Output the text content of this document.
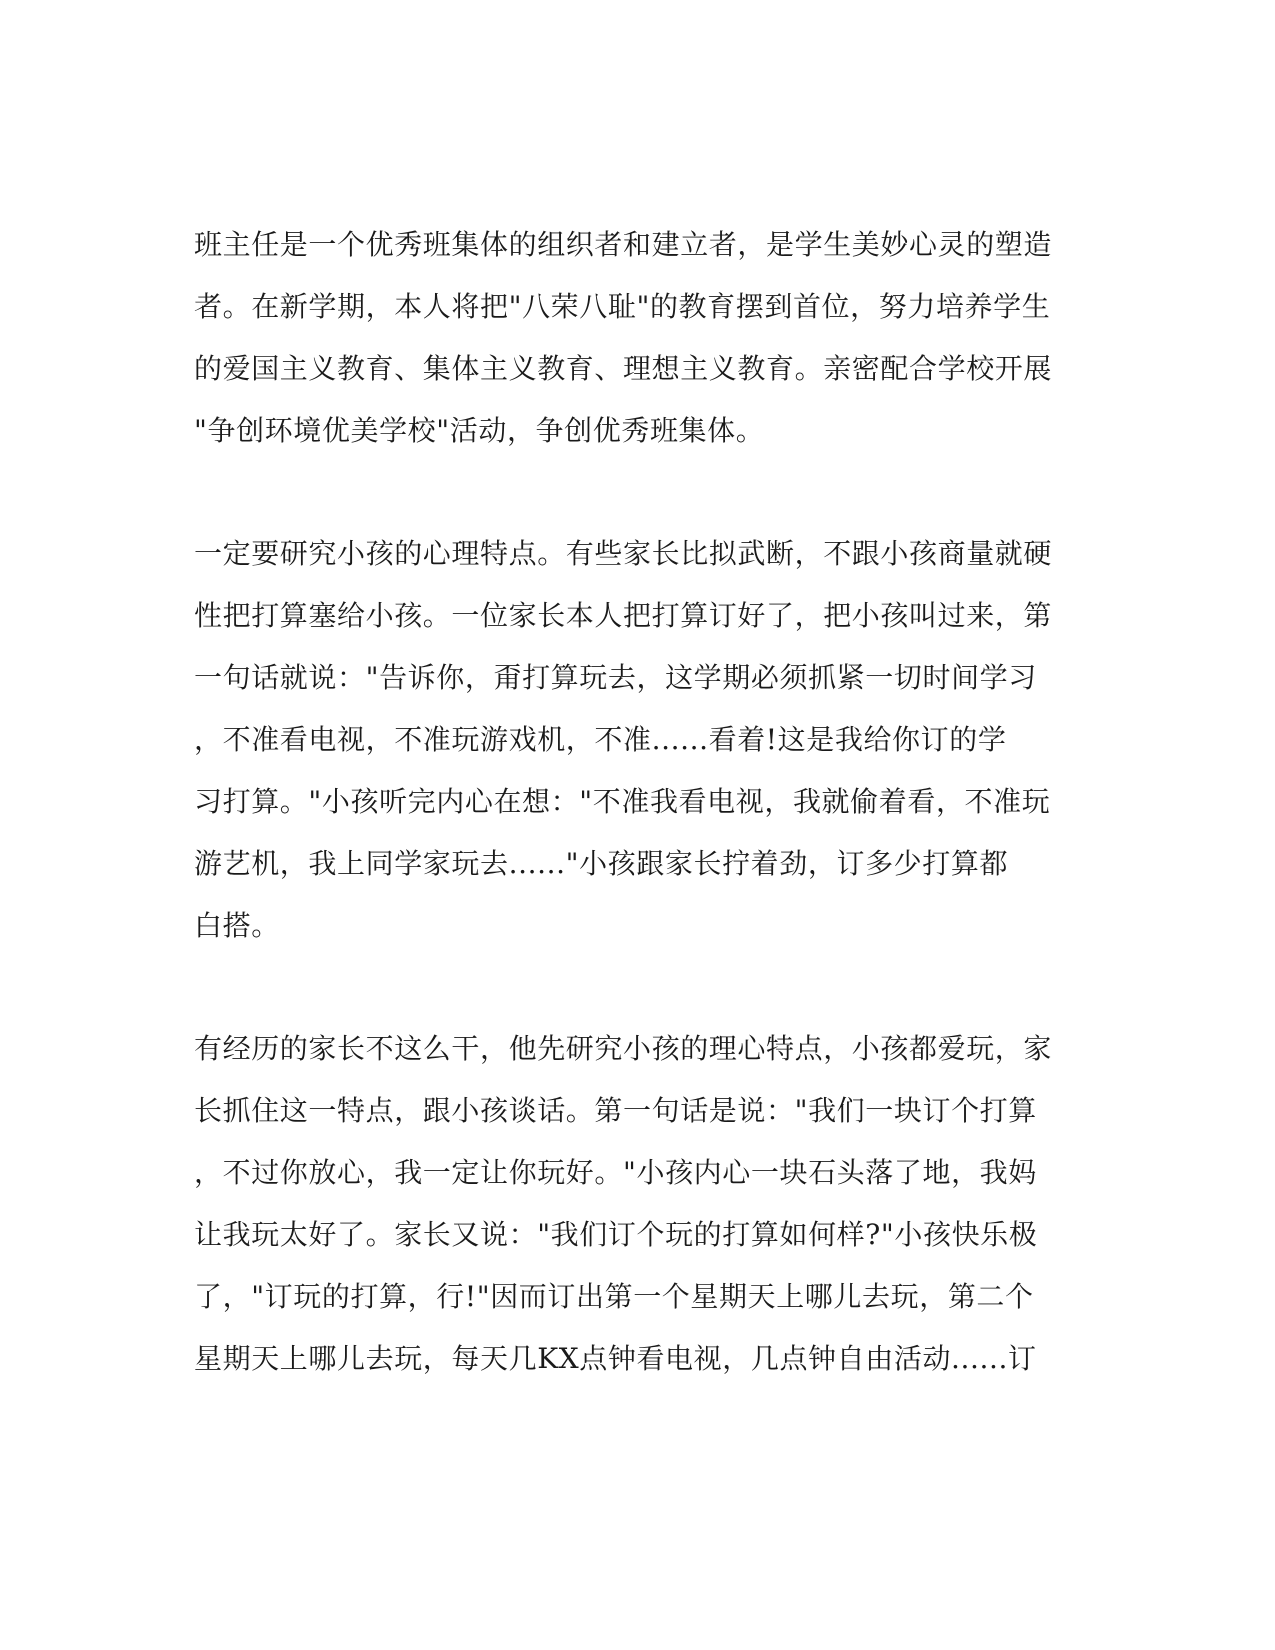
班主任是一个优秀班集体的组织者和建立者，是学生美妙心灵的塑造
者。在新学期，本人将把"八荣八耻"的教育摆到首位，努力培养学生
的爱国主义教育、集体主义教育、理想主义教育。亲密配合学校开展
"争创环境优美学校"活动，争创优秀班集体。
一定要研究小孩的心理特点。有些家长比拟武断，不跟小孩商量就硬
性把打算塞给小孩。一位家长本人把打算订好了，把小孩叫过来，第
一句话就说："告诉你，甭打算玩去，这学期必须抓紧一切时间学习
，不准看电视，不准玩游戏机，不准......看着!这是我给你订的学
习打算。"小孩听完内心在想："不准我看电视，我就偷着看，不准玩
游艺机，我上同学家玩去......"小孩跟家长拧着劲，订多少打算都
白搭。
有经历的家长不这么干，他先研究小孩的理心特点，小孩都爱玩，家
长抓住这一特点，跟小孩谈话。第一句话是说："我们一块订个打算
，不过你放心，我一定让你玩好。"小孩内心一块石头落了地，我妈
让我玩太好了。家长又说："我们订个玩的打算如何样?"小孩快乐极
了，"订玩的打算，行!"因而订出第一个星期天上哪儿去玩，第二个
星期天上哪儿去玩，每天几KX点钟看电视，几点钟自由活动......订
